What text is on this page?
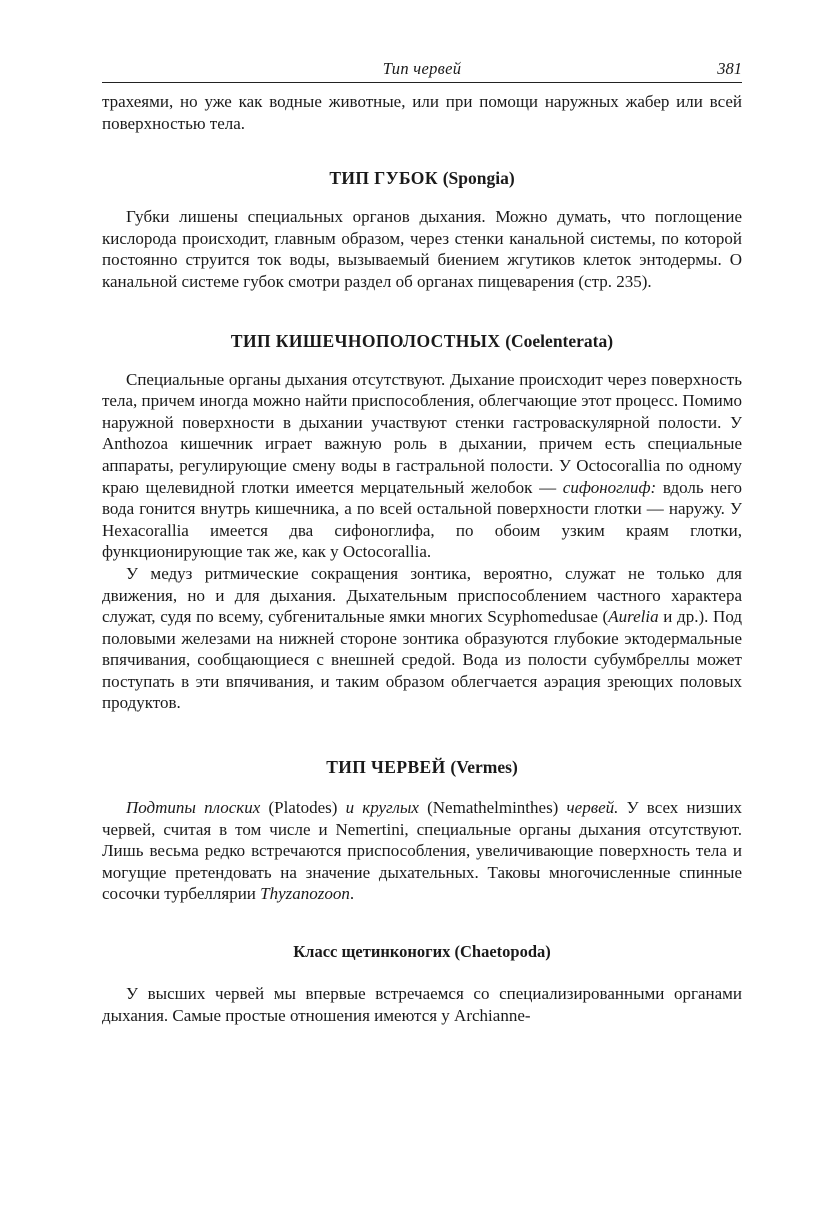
Тип червей	381

трахеями, но уже как водные животные, или при помощи наружных жабер или всей поверхностью тела.

ТИП ГУБОК (Spongia)

Губки лишены специальных органов дыхания. Можно думать, что поглощение кислорода происходит, главным образом, через стенки канальной системы, по которой постоянно струится ток воды, вызываемый биением жгутиков клеток энтодермы. О канальной системе губок смотри раздел об органах пищеварения (стр. 235).

ТИП КИШЕЧНОПОЛОСТНЫХ (Coelenterata)

Специальные органы дыхания отсутствуют. Дыхание происходит через поверхность тела, причем иногда можно найти приспособления, облегчающие этот процесс. Помимо наружной поверхности в дыхании участвуют стенки гастроваскулярной полости. У Anthozoa кишечник играет важную роль в дыхании, причем есть специальные аппараты, регулирующие смену воды в гастральной полости. У Octocorallia по одному краю щелевидной глотки имеется мерцательный желобок — сифоноглиф: вдоль него вода гонится внутрь кишечника, а по всей остальной поверхности глотки — наружу. У Hexacorallia имеется два сифоноглифа, по обоим узким краям глотки, функционирующие так же, как у Octocorallia.

У медуз ритмические сокращения зонтика, вероятно, служат не только для движения, но и для дыхания. Дыхательным приспособлением частного характера служат, судя по всему, субгенитальные ямки многих Scyphomedusae (Aurelia и др.). Под половыми железами на нижней стороне зонтика образуются глубокие эктодермальные впячивания, сообщающиеся с внешней средой. Вода из полости субумбреллы может поступать в эти впячивания, и таким образом облегчается аэрация зреющих половых продуктов.

ТИП ЧЕРВЕЙ (Vermes)

Подтипы плоских (Platodes) и круглых (Nemathelminthes) червей. У всех низших червей, считая в том числе и Nemertini, специальные органы дыхания отсутствуют. Лишь весьма редко встречаются приспособления, увеличивающие поверхность тела и могущие претендовать на значение дыхательных. Таковы многочисленные спинные сосочки турбеллярии Thyzanozoon.

Класс щетинконогих (Chaetopoda)

У высших червей мы впервые встречаемся со специализированными органами дыхания. Самые простые отношения имеются у Archianne-
